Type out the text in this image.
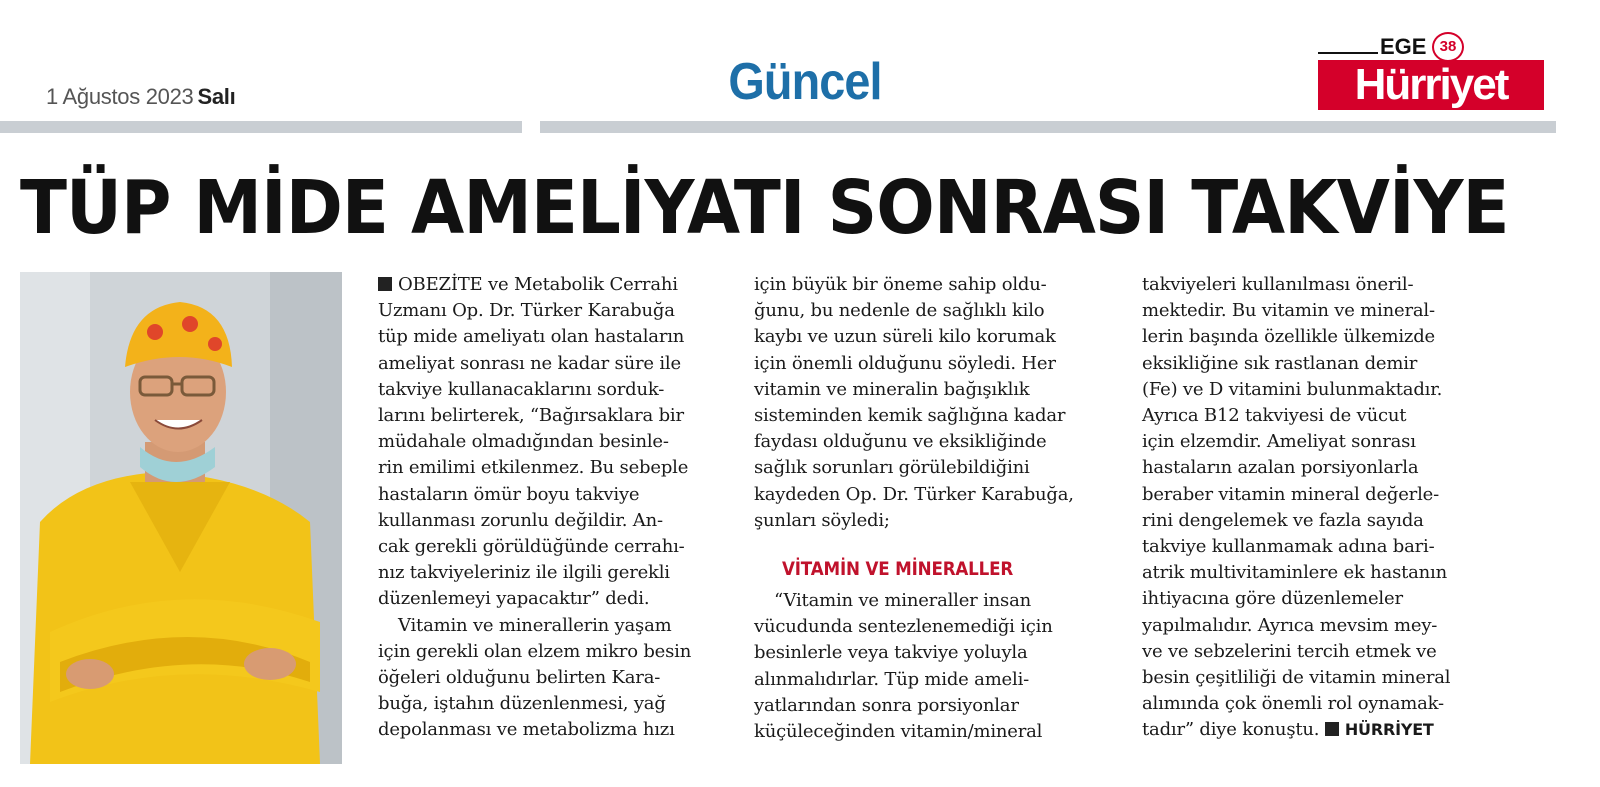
1 Ağustos 2023 Salı	Güncel
EGE 38
Hürriyet
TÜP MİDE AMELİYATI SONRASI TAKVİYE

OBEZİTE ve Metabolik Cerrahi
Uzmanı Op. Dr. Türker Karabuğa
tüp mide ameliyatı olan hastaların
ameliyat sonrası ne kadar süre ile
takviye kullanacaklarını sorduk-
larını belirterek, “Bağırsaklara bir
müdahale olmadığından besinle-
rin emilimi etkilenmez. Bu sebeple
hastaların ömür boyu takviye
kullanması zorunlu değildir. An-
cak gerekli görüldüğünde cerrahı-
nız takviyeleriniz ile ilgili gerekli
düzenlemeyi yapacaktır” dedi.

Vitamin ve minerallerin yaşam
için gerekli olan elzem mikro besin
öğeleri olduğunu belirten Kara-
buğa, iştahın düzenlenmesi, yağ
depolanması ve metabolizma hızı

için büyük bir öneme sahip oldu-
ğunu, bu nedenle de sağlıklı kilo
kaybı ve uzun süreli kilo korumak
için önemli olduğunu söyledi. Her
vitamin ve mineralin bağışıklık
sisteminden kemik sağlığına kadar
faydası olduğunu ve eksikliğinde
sağlık sorunları görülebildiğini
kaydeden Op. Dr. Türker Karabuğa,
şunları söyledi;

VİTAMİN VE MİNERALLER

“Vitamin ve mineraller insan
vücudunda sentezlenemediği için
besinlerle veya takviye yoluyla
alınmalıdırlar. Tüp mide ameli-
yatlarından sonra porsiyonlar
küçüleceğinden vitamin/mineral

takviyeleri kullanılması öneril-
mektedir. Bu vitamin ve mineral-
lerin başında özellikle ülkemizde
eksikliğine sık rastlanan demir
(Fe) ve D vitamini bulunmaktadır.
Ayrıca B12 takviyesi de vücut
için elzemdir. Ameliyat sonrası
hastaların azalan porsiyonlarla
beraber vitamin mineral değerle-
rini dengelemek ve fazla sayıda
takviye kullanmamak adına bari-
atrik multivitaminlere ek hastanın
ihtiyacına göre düzenlemeler
yapılmalıdır. Ayrıca mevsim mey-
ve ve sebzelerini tercih etmek ve
besin çeşitliliği de vitamin mineral
alımında çok önemli rol oynamak-
tadır” diye konuştu. HÜRRİYET
